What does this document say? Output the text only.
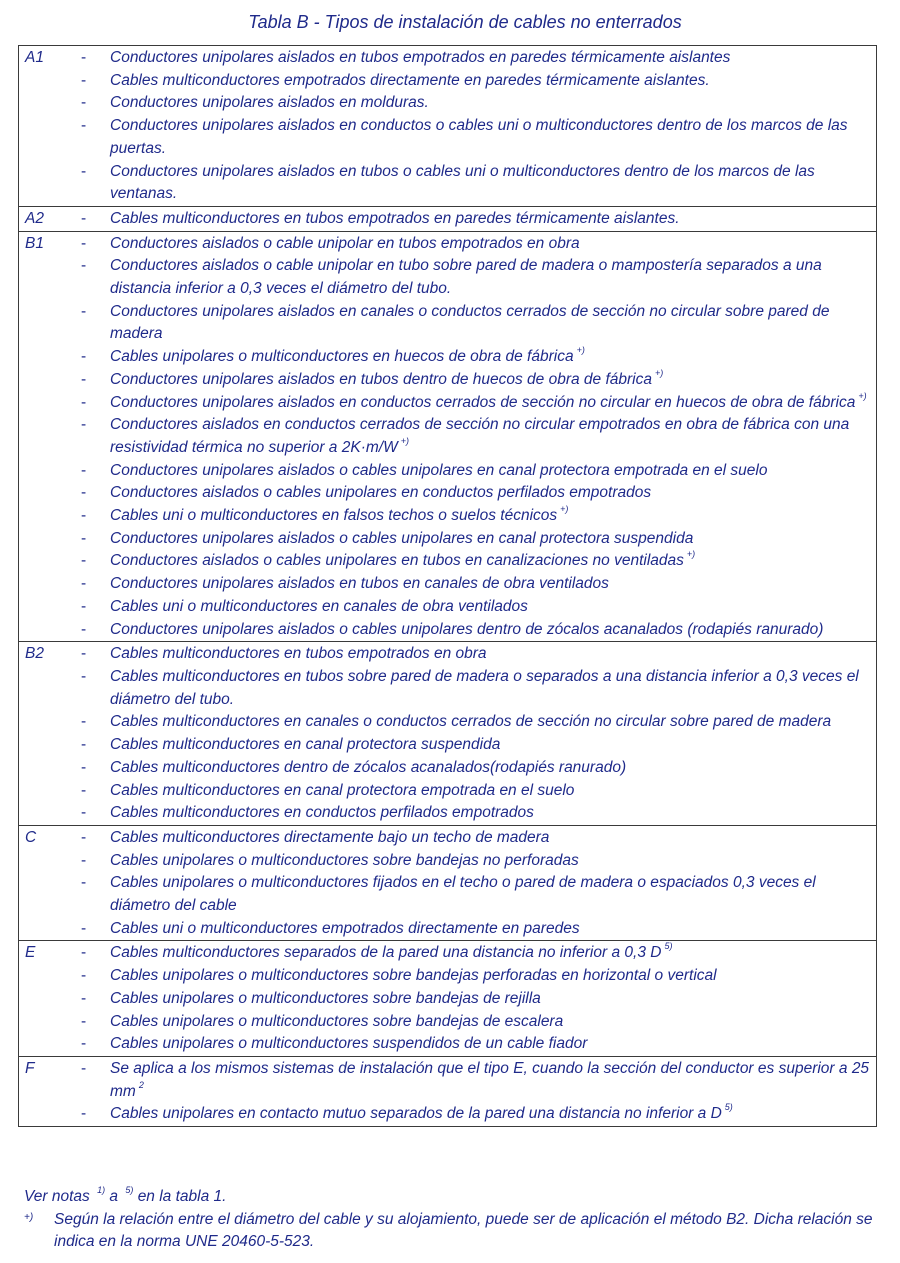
Tabla B - Tipos de instalación de cables no enterrados
A1 - Conductores unipolares aislados en tubos empotrados en paredes térmicamente aislantes
- Cables multiconductores empotrados directamente en paredes térmicamente aislantes.
- Conductores unipolares aislados en molduras.
- Conductores unipolares aislados en conductos o cables uni o multiconductores dentro de los marcos de las puertas.
- Conductores unipolares aislados en tubos o cables uni o multiconductores dentro de los marcos de las ventanas.
A2 - Cables multiconductores en tubos empotrados en paredes térmicamente aislantes.
B1 - Conductores aislados o cable unipolar en tubos empotrados en obra
- Conductores aislados o cable unipolar en tubo sobre pared de madera o mampostería separados a una distancia inferior a 0,3 veces el diámetro del tubo.
- Conductores unipolares aislados en canales o conductos cerrados de sección no circular sobre pared de madera
- Cables unipolares o multiconductores en huecos de obra de fábrica +)
- Conductores unipolares aislados en tubos dentro de huecos de obra de fábrica +)
- Conductores unipolares aislados en conductos cerrados de sección no circular en huecos de obra de fábrica +)
- Conductores aislados en conductos cerrados de sección no circular empotrados en obra de fábrica con una resistividad térmica no superior a 2K·m/W +)
- Conductores unipolares aislados o cables unipolares en canal protectora empotrada en el suelo
- Conductores aislados o cables unipolares en conductos perfilados empotrados
- Cables uni o multiconductores en falsos techos o suelos técnicos +)
- Conductores unipolares aislados o cables unipolares en canal protectora suspendida
- Conductores aislados o cables unipolares en tubos en canalizaciones no ventiladas +)
- Conductores unipolares aislados en tubos en canales de obra ventilados
- Cables uni o multiconductores en canales de obra ventilados
- Conductores unipolares aislados o cables unipolares dentro de zócalos acanalados (rodapiés ranurado)
B2 - Cables multiconductores en tubos empotrados en obra
- Cables multiconductores en tubos sobre pared de madera o separados a una distancia inferior a 0,3 veces el diámetro del tubo.
- Cables multiconductores en canales o conductos cerrados de sección no circular sobre pared de madera
- Cables multiconductores en canal protectora suspendida
- Cables multiconductores dentro de zócalos acanalados(rodapiés ranurado)
- Cables multiconductores en canal protectora empotrada en el suelo
- Cables multiconductores en conductos perfilados empotrados
C	- Cables multiconductores directamente bajo un techo de madera
- Cables unipolares o multiconductores sobre bandejas no perforadas
- Cables unipolares o multiconductores fijados en el techo o pared de madera o espaciados 0,3 veces el diámetro del cable
- Cables uni o multiconductores empotrados directamente en paredes
E	- Cables multiconductores separados de la pared una distancia no inferior a 0,3 D $^{5)}$
- Cables unipolares o multiconductores sobre bandejas perforadas en horizontal o vertical
- Cables unipolares o multiconductores sobre bandejas de rejilla
- Cables unipolares o multiconductores sobre bandejas de escalera
- Cables unipolares o multiconductores suspendidos de un cable fiador
F	- Se aplica a los mismos sistemas de instalación que el tipo E, cuando la sección del conductor es superior a 25 mm $^2$
- Cables unipolares en contacto mutuo separados de la pared una distancia no inferior a D $^{5)}$
Ver notas $^{1)}$ a $^{5)}$ en la tabla 1.
+) Según la relación entre el diámetro del cable y su alojamiento, puede ser de aplicación el método B2. Dicha relación se indica en la norma UNE 20460-5-523.
